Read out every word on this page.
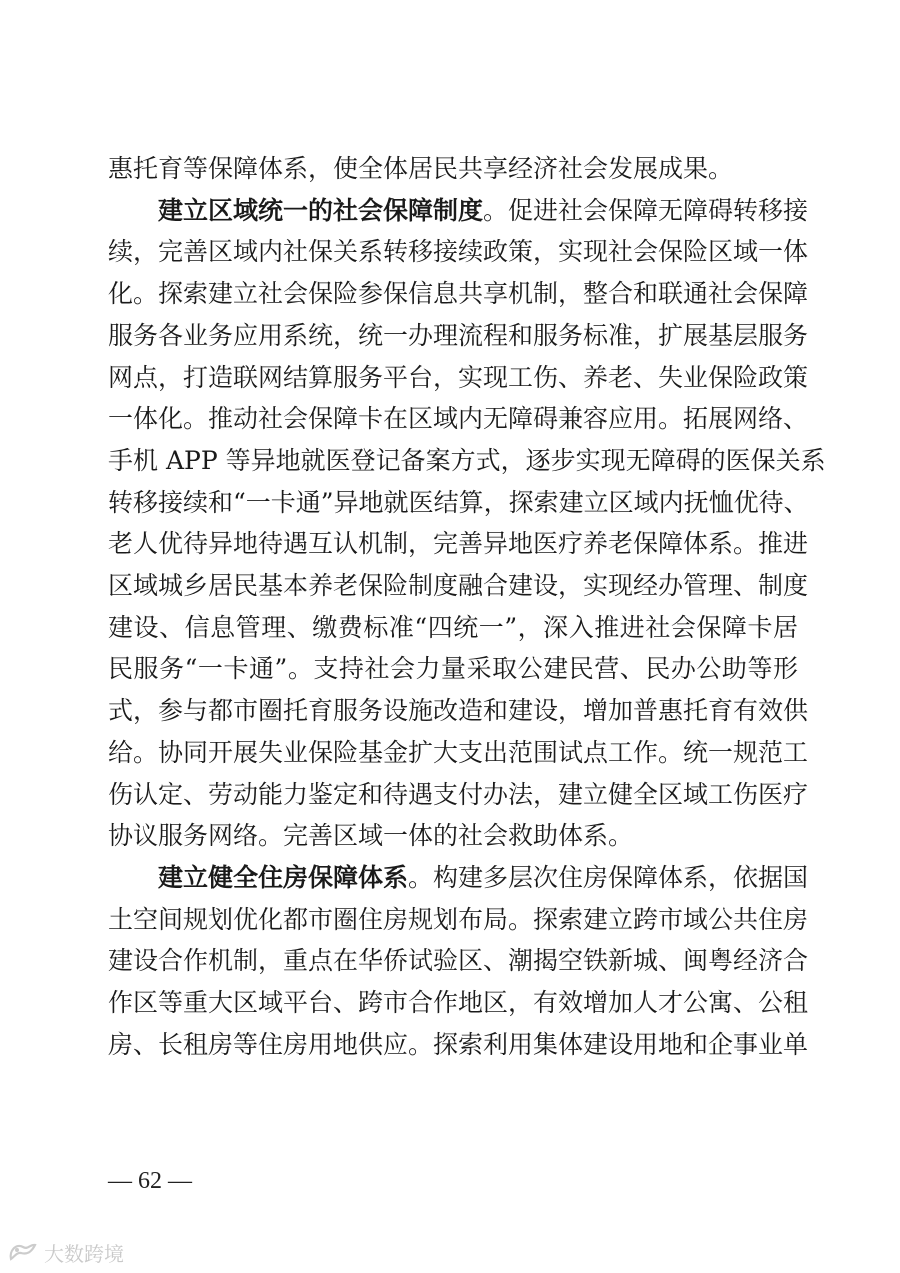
惠托育等保障体系，使全体居民共享经济社会发展成果。
建立区域统一的社会保障制度。促进社会保障无障碍转移接
续，完善区域内社保关系转移接续政策，实现社会保险区域一体
化。探索建立社会保险参保信息共享机制，整合和联通社会保障
服务各业务应用系统，统一办理流程和服务标准，扩展基层服务
网点，打造联网结算服务平台，实现工伤、养老、失业保险政策
一体化。推动社会保障卡在区域内无障碍兼容应用。拓展网络、
手机 APP 等异地就医登记备案方式，逐步实现无障碍的医保关系
转移接续和“一卡通”异地就医结算，探索建立区域内抚恤优待、
老人优待异地待遇互认机制，完善异地医疗养老保障体系。推进
区域城乡居民基本养老保险制度融合建设，实现经办管理、制度
建设、信息管理、缴费标准“四统一”，深入推进社会保障卡居
民服务“一卡通”。支持社会力量采取公建民营、民办公助等形
式，参与都市圈托育服务设施改造和建设，增加普惠托育有效供
给。协同开展失业保险基金扩大支出范围试点工作。统一规范工
伤认定、劳动能力鉴定和待遇支付办法，建立健全区域工伤医疗
协议服务网络。完善区域一体的社会救助体系。
建立健全住房保障体系。构建多层次住房保障体系，依据国
土空间规划优化都市圈住房规划布局。探索建立跨市域公共住房
建设合作机制，重点在华侨试验区、潮揭空铁新城、闽粤经济合
作区等重大区域平台、跨市合作地区，有效增加人才公寓、公租
房、长租房等住房用地供应。探索利用集体建设用地和企事业单
— 62 —
大数跨境
